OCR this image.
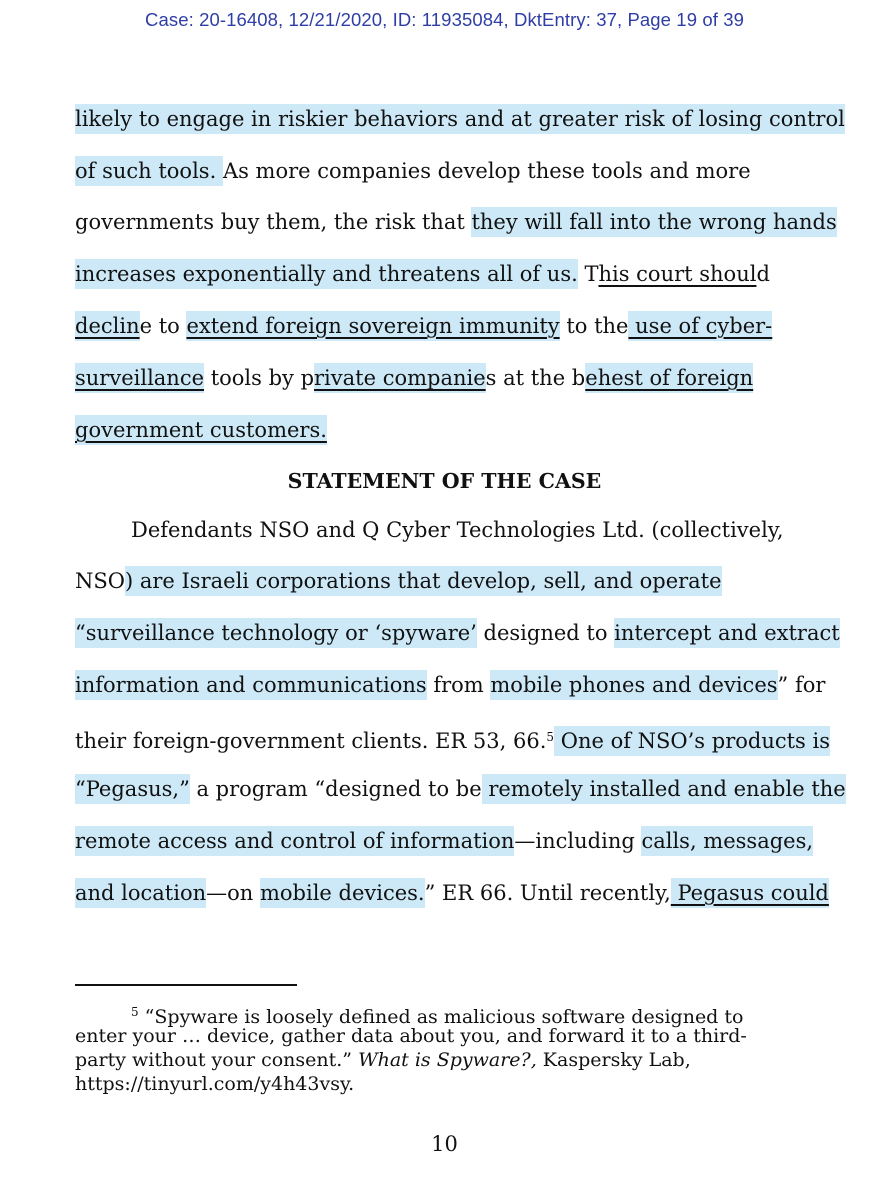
Case: 20-16408, 12/21/2020, ID: 11935084, DktEntry: 37, Page 19 of 39
likely to engage in riskier behaviors and at greater risk of losing control
of such tools. As more companies develop these tools and more
governments buy them, the risk that they will fall into the wrong hands
increases exponentially and threatens all of us. This court should
decline to extend foreign sovereign immunity to the use of cyber-
surveillance tools by private companies at the behest of foreign
government customers.
STATEMENT OF THE CASE
Defendants NSO and Q Cyber Technologies Ltd. (collectively,
NSO) are Israeli corporations that develop, sell, and operate
“surveillance technology or ‘spyware’ designed to intercept and extract
information and communications from mobile phones and devices” for
their foreign-government clients. ER 53, 66.$^5$ One of NSO’s products is
“Pegasus,” a program “designed to be remotely installed and enable the
remote access and control of information—including calls, messages,
and location—on mobile devices.” ER 66. Until recently, Pegasus could
$^5$ “Spyware is loosely defined as malicious software designed to
enter your … device, gather data about you, and forward it to a third-
party without your consent.” What is Spyware?, Kaspersky Lab,
https://tinyurl.com/y4h43vsy.
10
